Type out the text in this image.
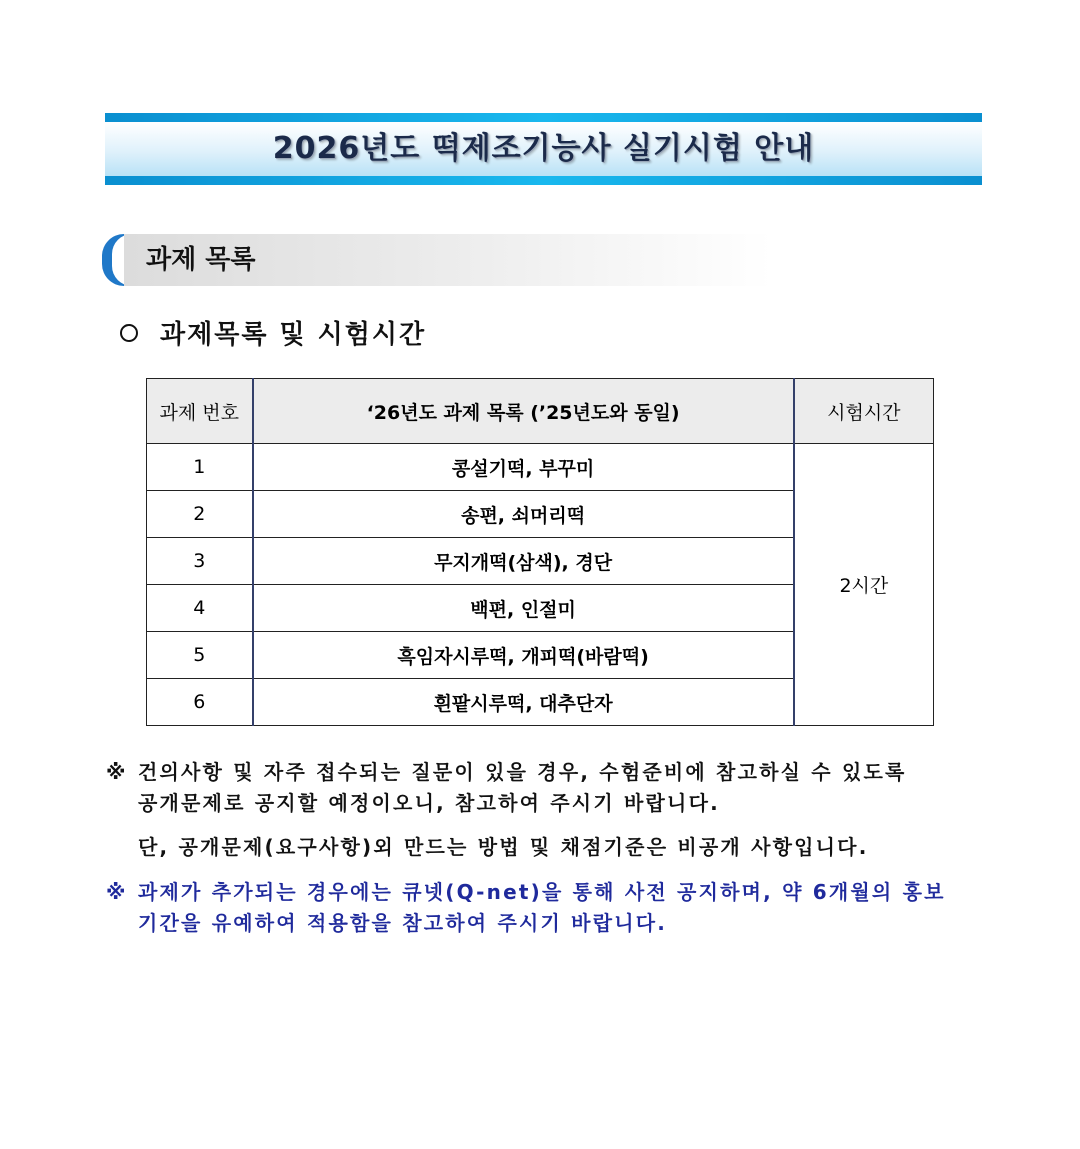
2026년도 떡제조기능사 실기시험 안내
과제 목록
과제목록 및 시험시간
과제 번호	‘26년도 과제 목록 (’25년도와 동일)	시험시간
1	콩설기떡, 부꾸미	2시간
2	송편, 쇠머리떡	
3	무지개떡(삼색), 경단	
4	백편, 인절미	
5	흑임자시루떡, 개피떡(바람떡)	
6	흰팥시루떡, 대추단자	
※ 건의사항 및 자주 접수되는 질문이 있을 경우, 수험준비에 참고하실 수 있도록
공개문제로 공지할 예정이오니, 참고하여 주시기 바랍니다.
단, 공개문제(요구사항)외 만드는 방법 및 채점기준은 비공개 사항입니다.
※ 과제가 추가되는 경우에는 큐넷(Q-net)을 통해 사전 공지하며, 약 6개월의 홍보
기간을 유예하여 적용함을 참고하여 주시기 바랍니다.
